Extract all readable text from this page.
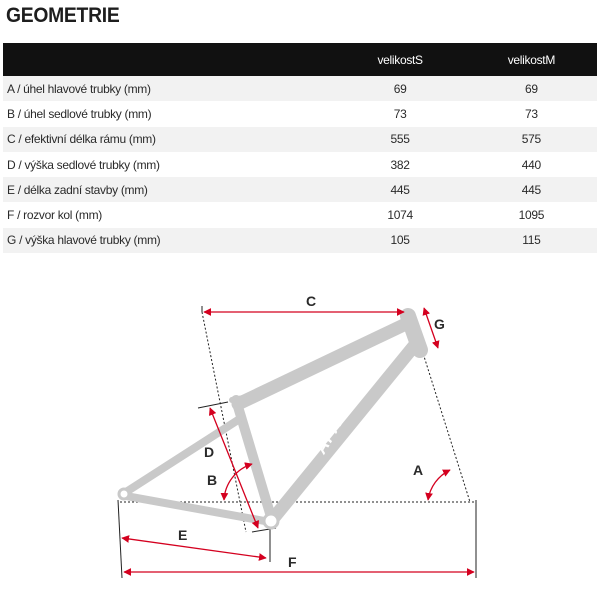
GEOMETRIE
	velikostS	velikostM
A / úhel hlavové trubky (mm)	69	69
B / úhel sedlové trubky (mm)	73	73
C / efektivní délka rámu (mm)	555	575
D / výška sedlové trubky (mm)	382	440
E / délka zadní stavby (mm)	445	445
F / rozvor kol (mm)	1074	1095
G / výška hlavové trubky (mm)	105	115
APACHE
C
G
D
B
A
E
F
